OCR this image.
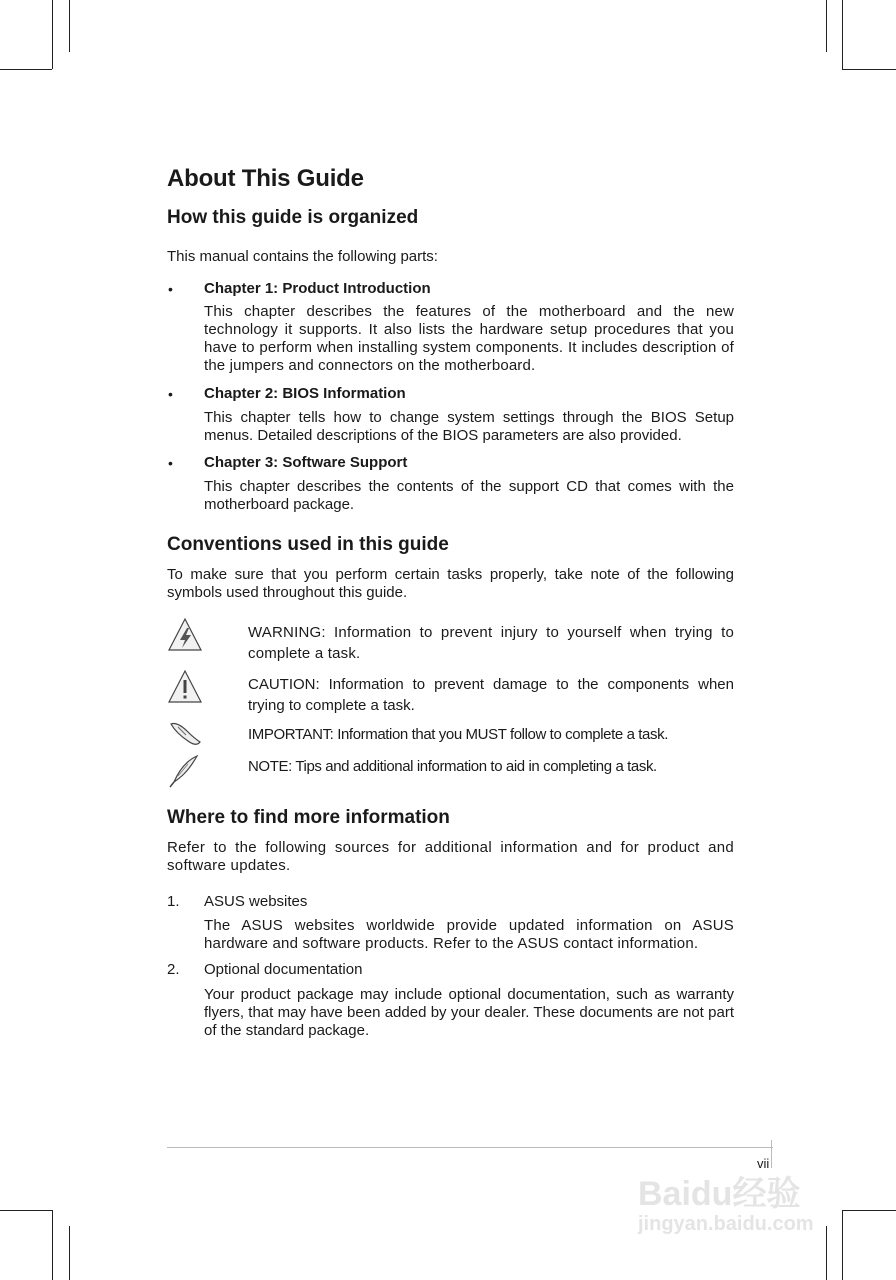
About This Guide
How this guide is organized

This manual contains the following parts:

• Chapter 1: Product Introduction

This chapter describes the features of the motherboard and the new technology it supports. It also lists the hardware setup procedures that you have to perform when installing system components. It includes description of the jumpers and connectors on the motherboard.

• Chapter 2: BIOS Information

This chapter tells how to change system settings through the BIOS Setup menus. Detailed descriptions of the BIOS parameters are also provided.

• Chapter 3: Software Support

This chapter describes the contents of the support CD that comes with the motherboard package.

Conventions used in this guide

To make sure that you perform certain tasks properly, take note of the following symbols used throughout this guide.

WARNING: Information to prevent injury to yourself when trying to complete a task.

CAUTION: Information to prevent damage to the components when trying to complete a task.

IMPORTANT: Information that you MUST follow to complete a task.

NOTE: Tips and additional information to aid in completing a task.

Where to find more information

Refer to the following sources for additional information and for product and software updates.

1. ASUS websites

The ASUS websites worldwide provide updated information on ASUS hardware and software products. Refer to the ASUS contact information.

2. Optional documentation

Your product package may include optional documentation, such as warranty flyers, that may have been added by your dealer. These documents are not part of the standard package.

vii
Baidu经验
jingyan.baidu.com
